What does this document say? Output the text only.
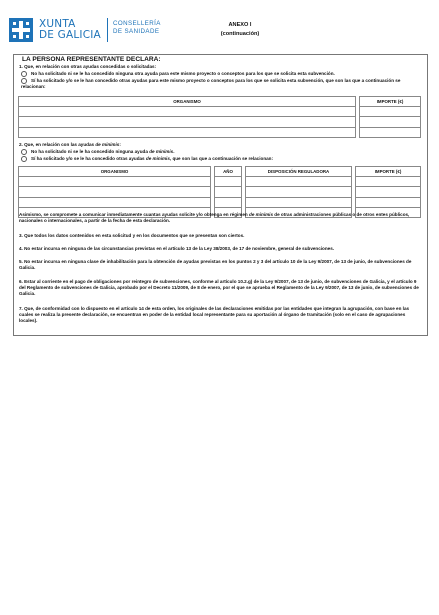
XUNTA
DE GALICIA
CONSELLERÍA
DE SANIDADE
ANEXO I
(continuación)
LA PERSONA REPRESENTANTE DECLARA:
1. Que, en relación con otras ayudas concedidas o solicitadas:
No ha solicitado ni se le ha concedido ninguna otra ayuda para este mismo proyecto o conceptos para los que se solicita esta subvención.
Sí ha solicitado y/o se le han concedido otras ayudas para este mismo proyecto o conceptos para los que se solicita esta subvención, que son las que a continuación se relacionan:
ORGANISMO		IMPORTE (€)

2. Que, en relación con las ayudas de minimis:
No ha solicitado ni se le ha concedido ninguna ayuda de minimis.
Sí ha solicitado y/o se le ha concedido otras ayudas de minimis, que son las que a continuación se relacionan:
ORGANISMO		AÑO		DISPOSICIÓN REGULADORA		IMPORTE (€)

Asimismo, se compromete a comunicar inmediatamente cuantas ayudas solicite y/o obtenga en régimen de minimis de otras administraciones públicas o de otros entes públicos, nacionales o internacionales, a partir de la fecha de esta declaración.

3. Que todos los datos contenidos en esta solicitud y en los documentos que se presentan son ciertos.

4. No estar incursa en ninguna de las circunstancias previstas en el artículo 13 de la Ley 38/2003, de 17 de noviembre, general de subvenciones.

5. No estar incursa en ninguna clase de inhabilitación para la obtención de ayudas previstas en los puntos 2 y 3 del artículo 10 de la Ley 9/2007, de 13 de junio, de subvenciones de Galicia.

6. Estar al corriente en el pago de obligaciones por reintegro de subvenciones, conforme al artículo 10.2.g) de la Ley 9/2007, de 13 de junio, de subvenciones de Galicia, y el artículo 9 del Reglamento de subvenciones de Galicia, aprobado por el Decreto 11/2009, de 8 de enero, por el que se aprueba el Reglamento de la Ley 9/2007, de 13 de junio, de subvenciones de Galicia.

7. Que, de conformidad con lo dispuesto en el artículo 14 de esta orden, los originales de las declaraciones emitidas por las entidades que integran la agrupación, con base en las cuales se realiza la presente declaración, se encuentran en poder de la entidad local representante para su aportación al órgano de tramitación (solo en el caso de agrupaciones locales).
